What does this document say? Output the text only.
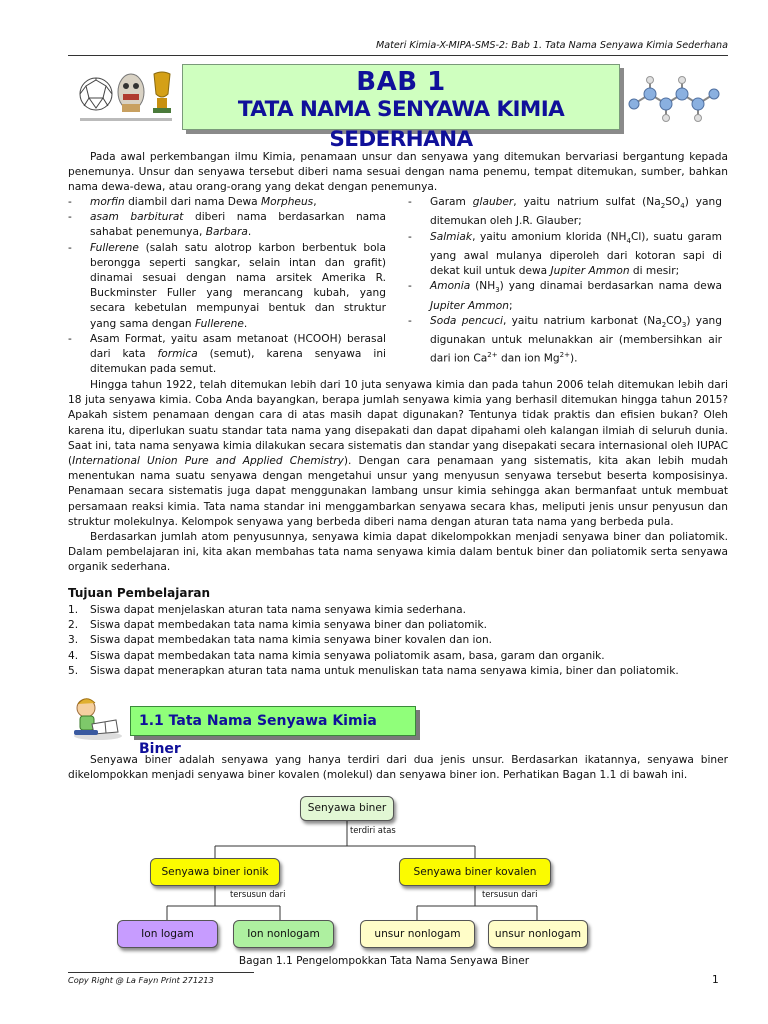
Materi Kimia-X-MIPA-SMS-2: Bab 1. Tata Nama Senyawa Kimia Sederhana
BAB 1
TATA NAMA SENYAWA KIMIA SEDERHANA

Pada awal perkembangan ilmu Kimia, penamaan unsur dan senyawa yang ditemukan bervariasi bergantung kepada penemunya. Unsur dan senyawa tersebut diberi nama sesuai dengan nama penemu, tempat ditemukan, sumber, bahkan nama dewa-dewa, atau orang-orang yang dekat dengan penemunya.

- morfin diambil dari nama Dewa Morpheus,
- asam barbiturat diberi nama berdasarkan nama sahabat penemunya, Barbara.
- Fullerene (salah satu alotrop karbon berbentuk bola berongga seperti sangkar, selain intan dan grafit) dinamai sesuai dengan nama arsitek Amerika R. Buckminster Fuller yang merancang kubah, yang secara kebetulan mempunyai bentuk dan struktur yang sama dengan Fullerene.
- Asam Format, yaitu asam metanoat (HCOOH) berasal dari kata formica (semut), karena senyawa ini ditemukan pada semut.
- Garam glauber, yaitu natrium sulfat $(Na_2SO_4)$ yang ditemukan oleh J.R. Glauber;
- Salmiak, yaitu amonium klorida $(NH_4Cl)$, suatu garam yang awal mulanya diperoleh dari kotoran sapi di dekat kuil untuk dewa Jupiter Ammon di mesir;
- Amonia $(NH_3)$ yang dinamai berdasarkan nama dewa Jupiter Ammon;
- Soda pencuci, yaitu natrium karbonat $(Na_2CO_3)$ yang digunakan untuk melunakkan air (membersihkan air dari ion $Ca^{2+}$ dan ion $Mg^{2+}$).

Hingga tahun 1922, telah ditemukan lebih dari 10 juta senyawa kimia dan pada tahun 2006 telah ditemukan lebih dari 18 juta senyawa kimia. Coba Anda bayangkan, berapa jumlah senyawa kimia yang berhasil ditemukan hingga tahun 2015? Apakah sistem penamaan dengan cara di atas masih dapat digunakan? Tentunya tidak praktis dan efisien bukan? Oleh karena itu, diperlukan suatu standar tata nama yang disepakati dan dapat dipahami oleh kalangan ilmiah di seluruh dunia. Saat ini, tata nama senyawa kimia dilakukan secara sistematis dan standar yang disepakati secara internasional oleh IUPAC (International Union Pure and Applied Chemistry). Dengan cara penamaan yang sistematis, kita akan lebih mudah menentukan nama suatu senyawa dengan mengetahui unsur yang menyusun senyawa tersebut beserta komposisinya. Penamaan secara sistematis juga dapat menggunakan lambang unsur kimia sehingga akan bermanfaat untuk membuat persamaan reaksi kimia. Tata nama standar ini menggambarkan senyawa secara khas, meliputi jenis unsur penyusun dan struktur molekulnya. Kelompok senyawa yang berbeda diberi nama dengan aturan tata nama yang berbeda pula.

Berdasarkan jumlah atom penyusunnya, senyawa kimia dapat dikelompokkan menjadi senyawa biner dan poliatomik. Dalam pembelajaran ini, kita akan membahas tata nama senyawa kimia dalam bentuk biner dan poliatomik serta senyawa organik sederhana.

Tujuan Pembelajaran
1. Siswa dapat menjelaskan aturan tata nama senyawa kimia sederhana.
2. Siswa dapat membedakan tata nama kimia senyawa biner dan poliatomik.
3. Siswa dapat membedakan tata nama kimia senyawa biner kovalen dan ion.
4. Siswa dapat membedakan tata nama kimia senyawa poliatomik asam, basa, garam dan organik.
5. Siswa dapat menerapkan aturan tata nama untuk menuliskan tata nama senyawa kimia, biner dan poliatomik.
1.1 Tata Nama Senyawa Kimia Biner

Senyawa biner adalah senyawa yang hanya terdiri dari dua jenis unsur. Berdasarkan ikatannya, senyawa biner dikelompokkan menjadi senyawa biner kovalen (molekul) dan senyawa biner ion. Perhatikan Bagan 1.1 di bawah ini.

Senyawa biner
terdiri atas
Senyawa biner ionik	Senyawa biner kovalen
tersusun dari	tersusun dari
Ion logam	Ion nonlogam	unsur nonlogam	unsur nonlogam
Bagan 1.1 Pengelompokkan Tata Nama Senyawa Biner
Copy Right @ La Fayn Print 271213	1
